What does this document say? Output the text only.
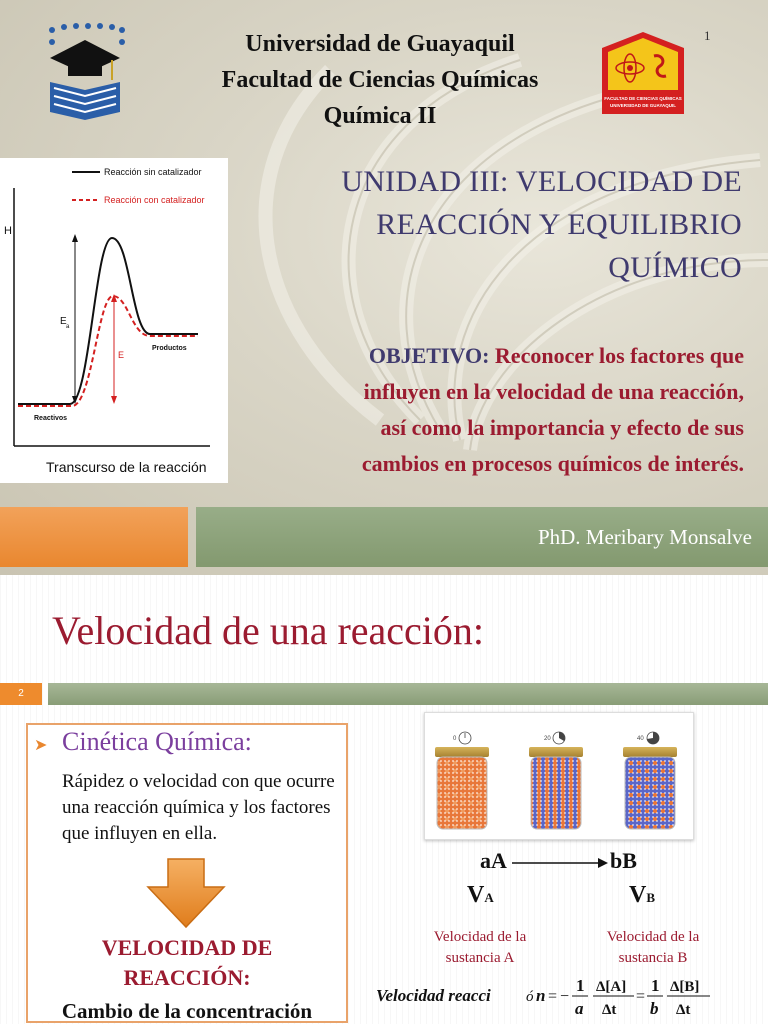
Universidad de Guayaquil
Facultad de Ciencias Químicas
Química II
1
FACULTAD DE CIENCIAS QUÍMICAS
UNIVERSIDAD DE GUAYAQUIL
UNIDAD III: VELOCIDAD DE
REACCIÓN Y EQUILIBRIO
QUÍMICO
OBJETIVO: Reconocer los factores que
influyen en la velocidad de una reacción,
así como la importancia y efecto de sus
cambios en procesos químicos de interés.
Reacción sin catalizador
Reacción con catalizador
H
E a
E
Productos
Reactivos
Transcurso de la reacción
PhD. Meribary Monsalve
Velocidad de una reacción:
2
➤ Cinética Química:
Rápidez o velocidad con que ocurre una reacción química y los factores que influyen en ella.
VELOCIDAD DE
REACCIÓN:
Cambio de la concentración
0	20	40
aA	bB
VA	VB
Velocidad de la sustancia A
Velocidad de la sustancia B
Velocidad reacci ó n = −
1
a
Δ[A]
Δt
=
1
b
Δ[B]
Δt
